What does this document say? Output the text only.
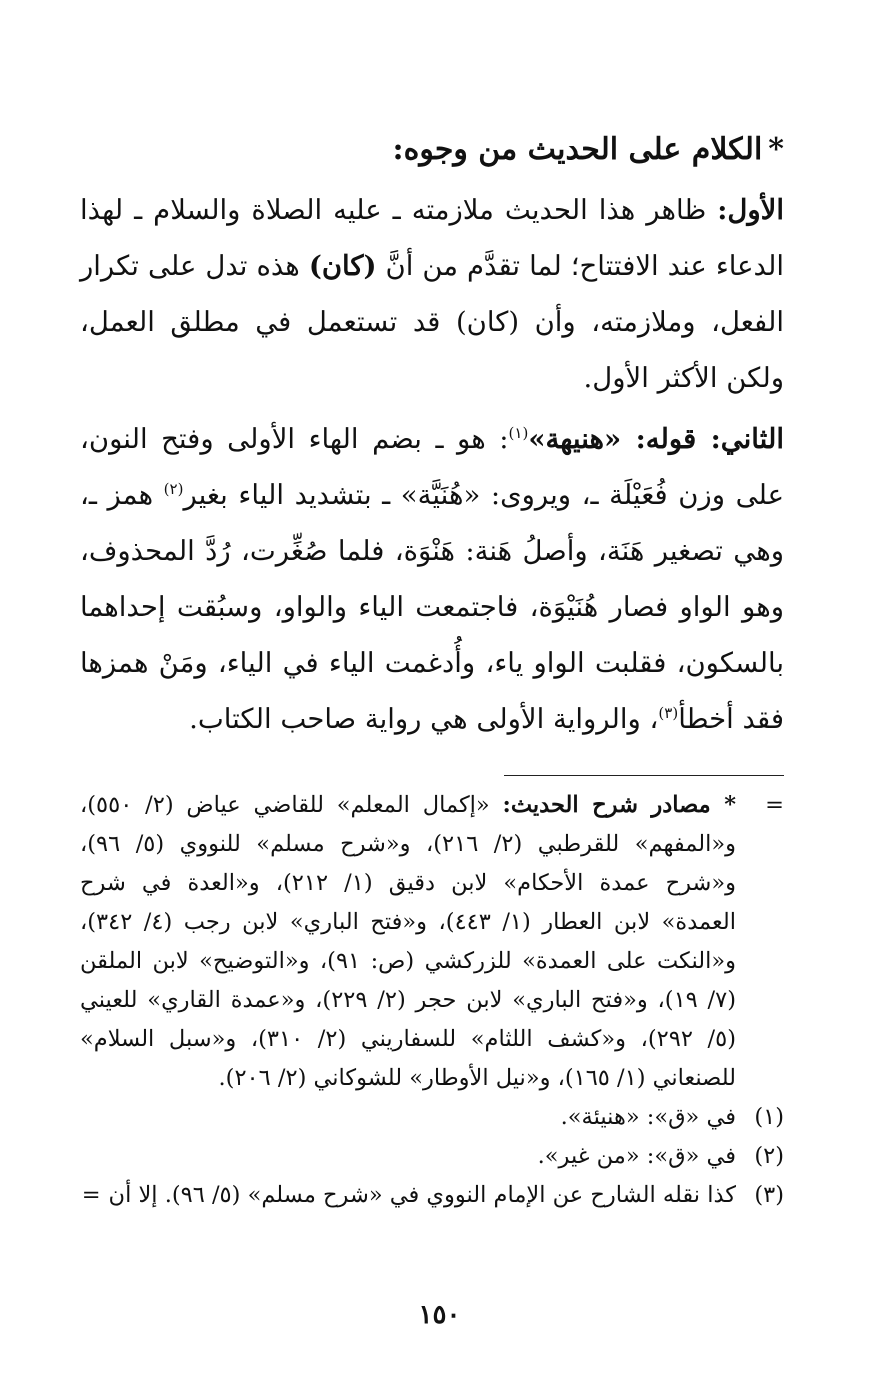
*الكلام على الحديث من وجوه:

الأول: ظاهر هذا الحديث ملازمته ـ عليه الصلاة والسلام ـ لهذا الدعاء عند الافتتاح؛ لما تقدَّم من أنَّ (كان) هذه تدل على تكرار الفعل، وملازمته، وأن (كان) قد تستعمل في مطلق العمل، ولكن الأكثر الأول.

الثاني: قوله: «هنيهة»$^{(١)}$: هو ـ بضم الهاء الأولى وفتح النون، على وزن فُعَيْلَة ـ، ويروى: «هُنَيَّة» ـ بتشديد الياء بغير$^{(٢)}$ همز ـ، وهي تصغير هَنَة، وأصلُ هَنة: هَنْوَة، فلما صُغِّرت، رُدَّ المحذوف، وهو الواو فصار هُنَيْوَة، فاجتمعت الياء والواو، وسبُقت إحداهما بالسكون، فقلبت الواو ياء، وأُدغمت الياء في الياء، ومَنْ همزها فقد أخطأ$^{(٣)}$، والرواية الأولى هي رواية صاحب الكتاب.

=
* مصادر شرح الحديث: «إكمال المعلم» للقاضي عياض (٢/ ٥٥٠)، و«المفهم» للقرطبي (٢/ ٢١٦)، و«شرح مسلم» للنووي (٥/ ٩٦)، و«شرح عمدة الأحكام» لابن دقيق (١/ ٢١٢)، و«العدة في شرح العمدة» لابن العطار (١/ ٤٤٣)، و«فتح الباري» لابن رجب (٤/ ٣٤٢)، و«النكت على العمدة» للزركشي (ص: ٩١)، و«التوضيح» لابن الملقن (٧/ ١٩)، و«فتح الباري» لابن حجر (٢/ ٢٢٩)، و«عمدة القاري» للعيني (٥/ ٢٩٢)، و«كشف اللثام» للسفاريني (٢/ ٣١٠)، و«سبل السلام» للصنعاني (١/ ١٦٥)، و«نيل الأوطار» للشوكاني (٢/ ٢٠٦).

(١)
في «ق»: «هنيئة».

(٢)
في «ق»: «من غير».

(٣)
كذا نقله الشارح عن الإمام النووي في «شرح مسلم» (٥/ ٩٦). إلا أن=

١٥٠
